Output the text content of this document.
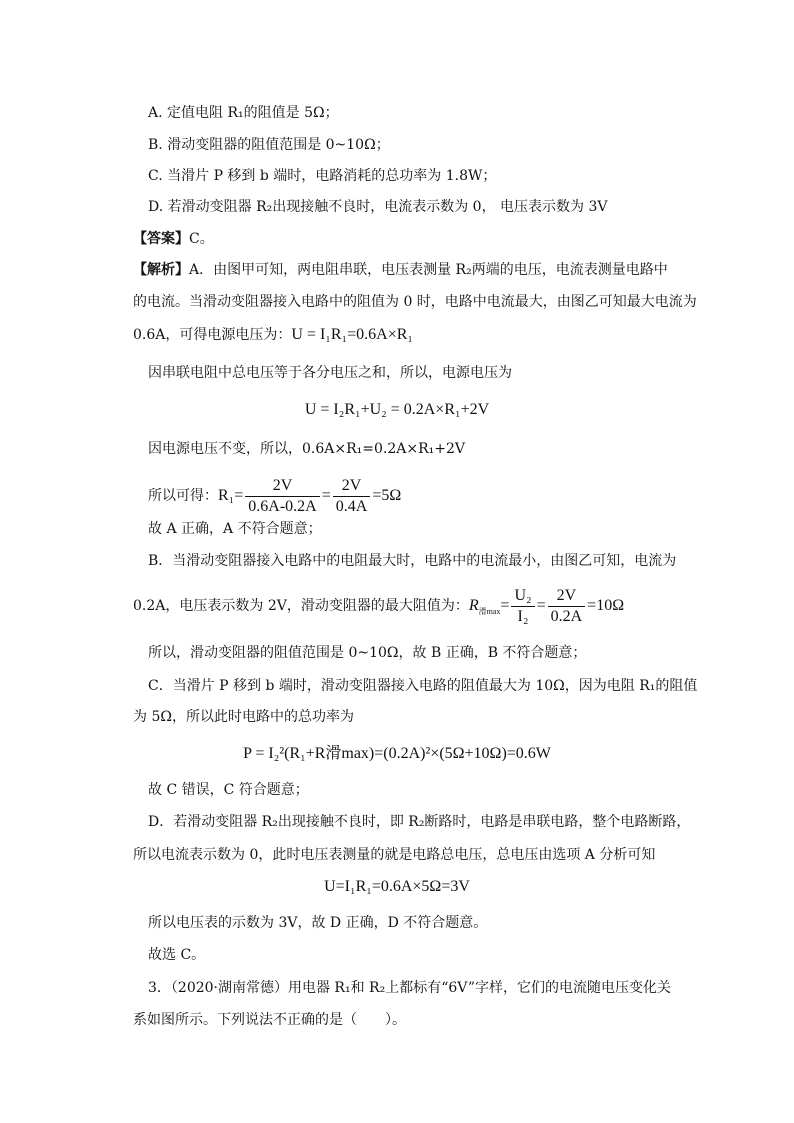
A. 定值电阻 R₁的阻值是 5Ω；
B. 滑动变阻器的阻值范围是 0~10Ω；
C. 当滑片 P 移到 b 端时，电路消耗的总功率为 1.8W；
D. 若滑动变阻器 R₂出现接触不良时，电流表示数为 0， 电压表示数为 3V
【答案】C。
【解析】A．由图甲可知，两电阻串联，电压表测量 R₂两端的电压，电流表测量电路中
的电流。当滑动变阻器接入电路中的阻值为 0 时，电路中电流最大，由图乙可知最大电流为
0.6A，可得电源电压为：U = I₁R₁=0.6A×R₁
因串联电阻中总电压等于各分电压之和，所以，电源电压为
U = I₂R₁+U₂ = 0.2A×R₁+2V
因电源电压不变，所以，0.6A×R₁=0.2A×R₁+2V
所以可得：$R_1= \frac{2V}{0.6A-0.2A} = \frac{2V}{0.4A} =5\Omega$
故 A 正确，A 不符合题意；
B．当滑动变阻器接入电路中的电阻最大时，电路中的电流最小，由图乙可知，电流为
0.2A，电压表示数为 2V，滑动变阻器的最大阻值为：$R_{滑max}= \frac{\text{U₂}}{\text{I₂}} = \frac{2V}{0.2A} =10\Omega$
所以，滑动变阻器的阻值范围是 0~10Ω，故 B 正确，B 不符合题意；
C．当滑片 P 移到 b 端时，滑动变阻器接入电路的阻值最大为 10Ω，因为电阻 R₁的阻值
为 5Ω，所以此时电路中的总功率为
P = I₂²(R₁+R滑max)=(0.2A)²×(5Ω+10Ω)=0.6W
故 C 错误，C 符合题意；
D．若滑动变阻器 R₂出现接触不良时，即 R₂断路时，电路是串联电路，整个电路断路，
所以电流表示数为 0，此时电压表测量的就是电路总电压，总电压由选项 A 分析可知
U=I₁R₁=0.6A×5Ω=3V
所以电压表的示数为 3V，故 D 正确，D 不符合题意。
故选 C。
3．（2020·湖南常德）用电器 R₁和 R₂上都标有“6V”字样，它们的电流随电压变化关
系如图所示。下列说法不正确的是（　　）。
